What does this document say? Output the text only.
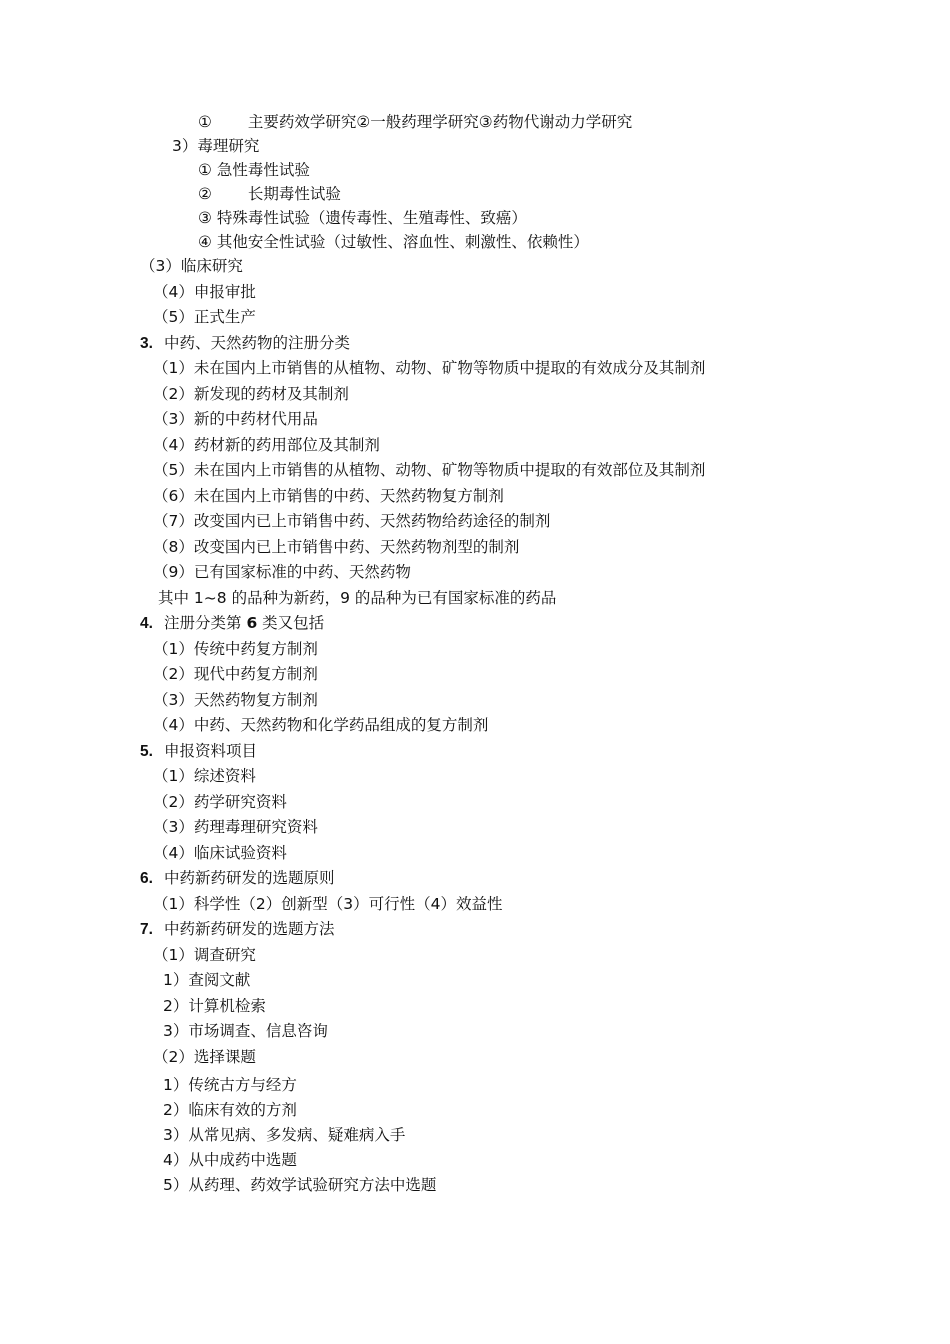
① 主要药效学研究②一般药理学研究③药物代谢动力学研究
3）毒理研究
① 急性毒性试验
② 长期毒性试验
③ 特殊毒性试验（遗传毒性、生殖毒性、致癌）
④ 其他安全性试验（过敏性、溶血性、刺激性、依赖性）
（3）临床研究
（4）申报审批
（5）正式生产
3. 中药、天然药物的注册分类
（1）未在国内上市销售的从植物、动物、矿物等物质中提取的有效成分及其制剂
（2）新发现的药材及其制剂
（3）新的中药材代用品
（4）药材新的药用部位及其制剂
（5）未在国内上市销售的从植物、动物、矿物等物质中提取的有效部位及其制剂
（6）未在国内上市销售的中药、天然药物复方制剂
（7）改变国内已上市销售中药、天然药物给药途径的制剂
（8）改变国内已上市销售中药、天然药物剂型的制剂
（9）已有国家标准的中药、天然药物
其中 1~8 的品种为新药，9 的品种为已有国家标准的药品
4. 注册分类第 6 类又包括
（1）传统中药复方制剂
（2）现代中药复方制剂
（3）天然药物复方制剂
（4）中药、天然药物和化学药品组成的复方制剂
5. 申报资料项目
（1）综述资料
（2）药学研究资料
（3）药理毒理研究资料
（4）临床试验资料
6. 中药新药研发的选题原则
（1）科学性（2）创新型（3）可行性（4）效益性
7. 中药新药研发的选题方法
（1）调查研究
1）查阅文献
2）计算机检索
3）市场调查、信息咨询
（2）选择课题
1）传统古方与经方
2）临床有效的方剂
3）从常见病、多发病、疑难病入手
4）从中成药中选题
5）从药理、药效学试验研究方法中选题
